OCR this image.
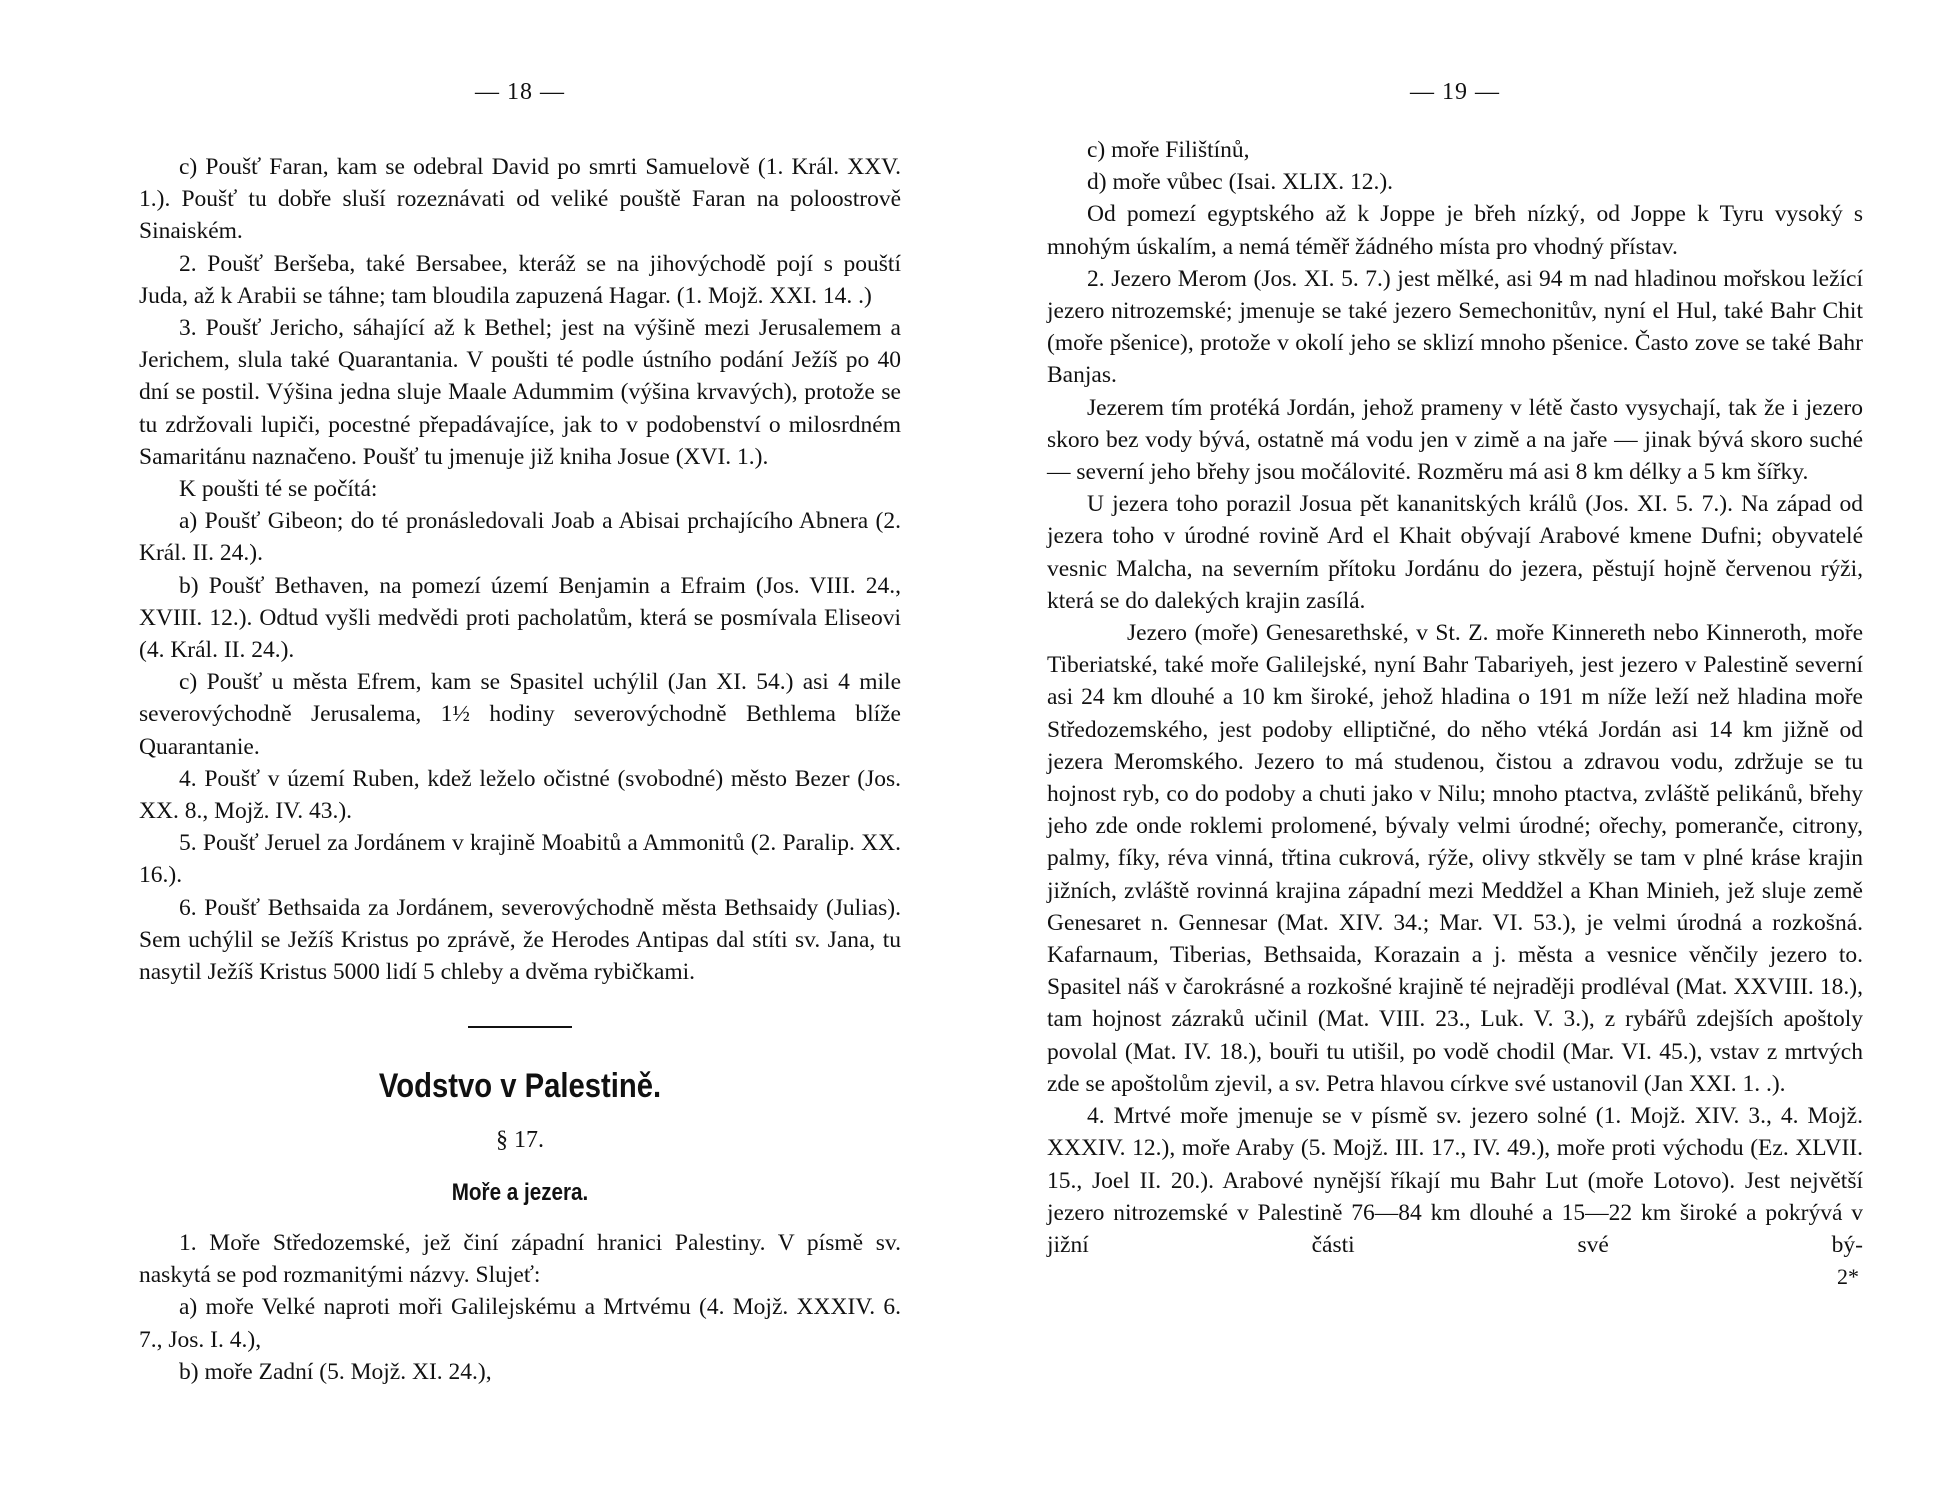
— 18 —

c) Poušť Faran, kam se odebral David po smrti Samuelově (1. Král. XXV. 1.). Poušť tu dobře sluší rozeznávati od veliké pouště Faran na poloostrově Sinaiském.

2. Poušť Beršeba, také Bersabee, kteráž se na jihovýchodě pojí s pouští Juda, až k Arabii se táhne; tam bloudila zapuzená Hagar. (1. Mojž. XXI. 14. .)

3. Poušť Jericho, sáhající až k Bethel; jest na výšině mezi Jerusalemem a Jerichem, slula také Quarantania. V poušti té podle ústního podání Ježíš po 40 dní se postil. Výšina jedna sluje Maale Adummim (výšina krvavých), protože se tu zdržovali lupiči, pocestné přepadávajíce, jak to v podobenství o milosrdném Samaritánu naznačeno. Poušť tu jmenuje již kniha Josue (XVI. 1.).

K poušti té se počítá:

a) Poušť Gibeon; do té pronásledovali Joab a Abisai prchajícího Abnera (2. Král. II. 24.).

b) Poušť Bethaven, na pomezí území Benjamin a Efraim (Jos. VIII. 24., XVIII. 12.). Odtud vyšli medvědi proti pacholatům, která se posmívala Eliseovi (4. Král. II. 24.).

c) Poušť u města Efrem, kam se Spasitel uchýlil (Jan XI. 54.) asi 4 mile severovýchodně Jerusalema, 1½ hodiny severovýchodně Bethlema blíže Quarantanie.

4. Poušť v území Ruben, kdež leželo očistné (svobodné) město Bezer (Jos. XX. 8., Mojž. IV. 43.).

5. Poušť Jeruel za Jordánem v krajině Moabitů a Ammonitů (2. Paralip. XX. 16.).

6. Poušť Bethsaida za Jordánem, severovýchodně města Bethsaidy (Julias). Sem uchýlil se Ježíš Kristus po zprávě, že Herodes Antipas dal stíti sv. Jana, tu nasytil Ježíš Kristus 5000 lidí 5 chleby a dvěma rybičkami.

Vodstvo v Palestině.
§ 17.
Moře a jezera.

1. Moře Středozemské, jež činí západní hranici Palestiny. V písmě sv. naskytá se pod rozmanitými názvy. Slujeť:

a) moře Velké naproti moři Galilejskému a Mrtvému (4. Mojž. XXXIV. 6. 7., Jos. I. 4.),

b) moře Zadní (5. Mojž. XI. 24.),

— 19 —

c) moře Filištínů,

d) moře vůbec (Isai. XLIX. 12.).

Od pomezí egyptského až k Joppe je břeh nízký, od Joppe k Tyru vysoký s mnohým úskalím, a nemá téměř žádného místa pro vhodný přístav.

2. Jezero Merom (Jos. XI. 5. 7.) jest mělké, asi 94 m nad hladinou mořskou ležící jezero nitrozemské; jmenuje se také jezero Semechonitův, nyní el Hul, také Bahr Chit (moře pšenice), protože v okolí jeho se sklizí mnoho pšenice. Často zove se také Bahr Banjas.

Jezerem tím protéká Jordán, jehož prameny v létě často vysychají, tak že i jezero skoro bez vody bývá, ostatně má vodu jen v zimě a na jaře — jinak bývá skoro suché — severní jeho břehy jsou močálovité. Rozměru má asi 8 km délky a 5 km šířky.

U jezera toho porazil Josua pět kananitských králů (Jos. XI. 5. 7.). Na západ od jezera toho v úrodné rovině Ard el Khait obývají Arabové kmene Dufni; obyvatelé vesnic Malcha, na severním přítoku Jordánu do jezera, pěstují hojně červenou rýži, která se do dalekých krajin zasílá.

Jezero (moře) Genesarethské, v St. Z. moře Kinnereth nebo Kinneroth, moře Tiberiatské, také moře Galilejské, nyní Bahr Tabariyeh, jest jezero v Palestině severní asi 24 km dlouhé a 10 km široké, jehož hladina o 191 m níže leží než hladina moře Středozemského, jest podoby elliptičné, do něho vtéká Jordán asi 14 km jižně od jezera Meromského. Jezero to má studenou, čistou a zdravou vodu, zdržuje se tu hojnost ryb, co do podoby a chuti jako v Nilu; mnoho ptactva, zvláště pelikánů, břehy jeho zde onde roklemi prolomené, bývaly velmi úrodné; ořechy, pomeranče, citrony, palmy, fíky, réva vinná, třtina cukrová, rýže, olivy stkvěly se tam v plné kráse krajin jižních, zvláště rovinná krajina západní mezi Meddžel a Khan Minieh, jež sluje země Genesaret n. Gennesar (Mat. XIV. 34.; Mar. VI. 53.), je velmi úrodná a rozkošná. Kafarnaum, Tiberias, Bethsaida, Korazain a j. města a vesnice věnčily jezero to. Spasitel náš v čarokrásné a rozkošné krajině té nejraději prodléval (Mat. XXVIII. 18.), tam hojnost zázraků učinil (Mat. VIII. 23., Luk. V. 3.), z rybářů zdejších apoštoly povolal (Mat. IV. 18.), bouři tu utišil, po vodě chodil (Mar. VI. 45.), vstav z mrtvých zde se apoštolům zjevil, a sv. Petra hlavou církve své ustanovil (Jan XXI. 1. .).

4. Mrtvé moře jmenuje se v písmě sv. jezero solné (1. Mojž. XIV. 3., 4. Mojž. XXXIV. 12.), moře Araby (5. Mojž. III. 17., IV. 49.), moře proti východu (Ez. XLVII. 15., Joel II. 20.). Arabové nynější říkají mu Bahr Lut (moře Lotovo). Jest největší jezero nitrozemské v Palestině 76—84 km dlouhé a 15—22 km široké a pokrývá v jižní části své bý-

2*
